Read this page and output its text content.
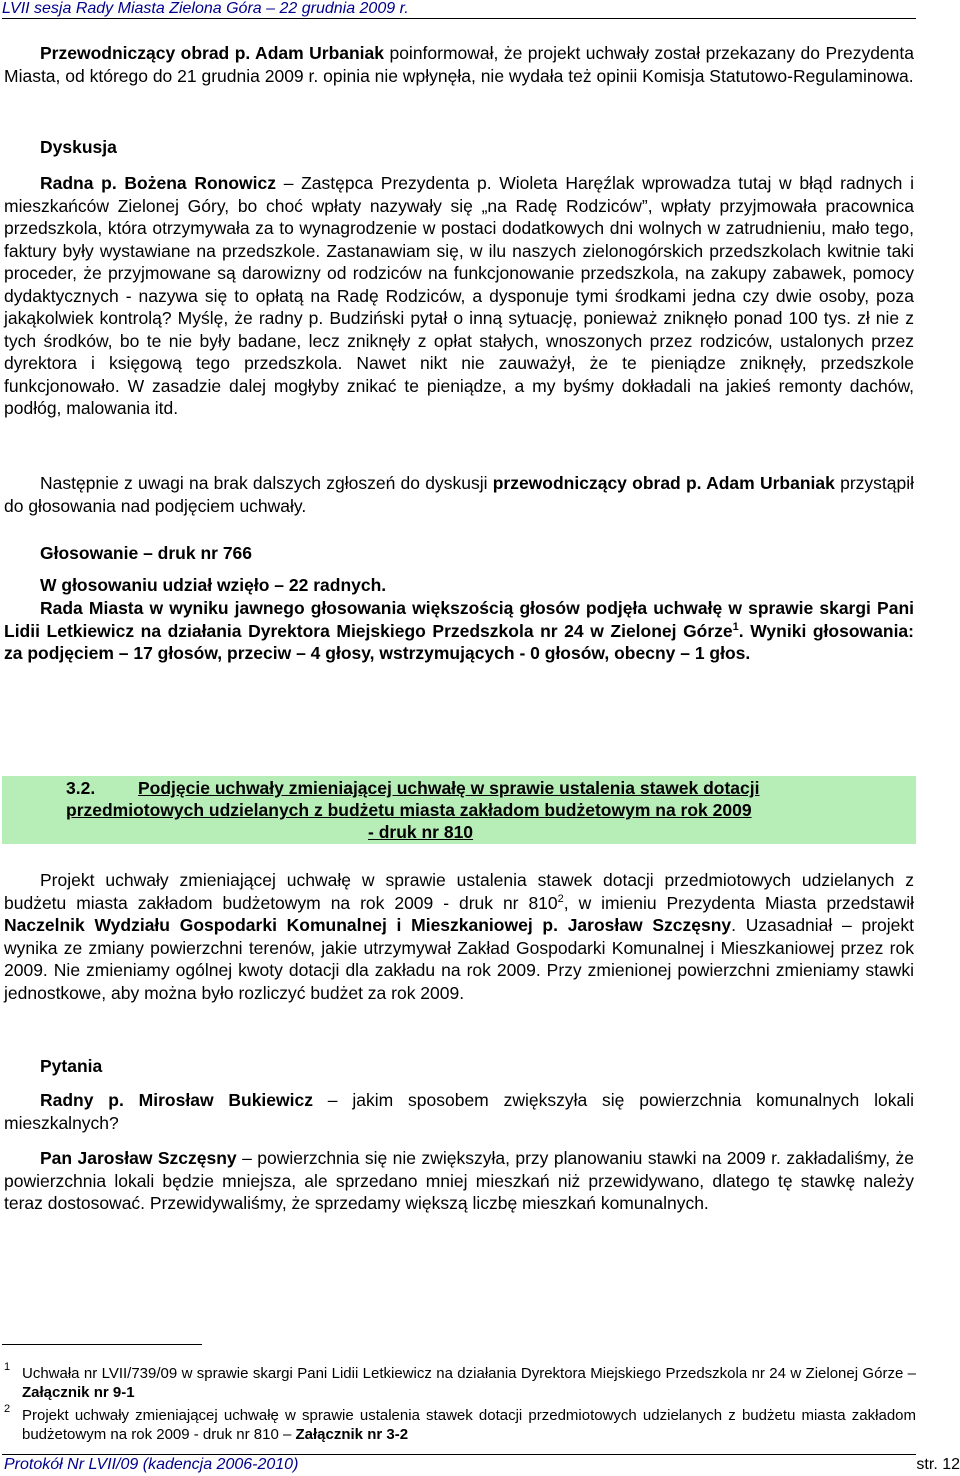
LVII sesja Rady Miasta Zielona Góra – 22 grudnia 2009 r.

Przewodniczący obrad p. Adam Urbaniak poinformował, że projekt uchwały został przekazany do Prezydenta Miasta, od którego do 21 grudnia 2009 r. opinia nie wpłynęła, nie wydała też opinii Komisja Statutowo-Regulaminowa.

Dyskusja

Radna p. Bożena Ronowicz – Zastępca Prezydenta p. Wioleta Haręźlak wprowadza tutaj w błąd radnych i mieszkańców Zielonej Góry, bo choć wpłaty nazywały się „na Radę Rodziców”, wpłaty przyjmowała pracownica przedszkola, która otrzymywała za to wynagrodzenie w postaci dodatkowych dni wolnych w zatrudnieniu, mało tego, faktury były wystawiane na przedszkole. Zastanawiam się, w ilu naszych zielonogórskich przedszkolach kwitnie taki proceder, że przyjmowane są darowizny od rodziców na funkcjonowanie przedszkola, na zakupy zabawek, pomocy dydaktycznych - nazywa się to opłatą na Radę Rodziców, a dysponuje tymi środkami jedna czy dwie osoby, poza jakąkolwiek kontrolą? Myślę, że radny p. Budziński pytał o inną sytuację, ponieważ zniknęło ponad 100 tys. zł nie z tych środków, bo te nie były badane, lecz zniknęły z opłat stałych, wnoszonych przez rodziców, ustalonych przez dyrektora i księgową tego przedszkola. Nawet nikt nie zauważył, że te pieniądze zniknęły, przedszkole funkcjonowało. W zasadzie dalej mogłyby znikać te pieniądze, a my byśmy dokładali na jakieś remonty dachów, podłóg, malowania itd.

Następnie z uwagi na brak dalszych zgłoszeń do dyskusji przewodniczący obrad p. Adam Urbaniak przystąpił do głosowania nad podjęciem uchwały.

Głosowanie – druk nr 766
W głosowaniu udział wzięło – 22 radnych.

Rada Miasta w wyniku jawnego głosowania większością głosów podjęła uchwałę w sprawie skargi Pani Lidii Letkiewicz na działania Dyrektora Miejskiego Przedszkola nr 24 w Zielonej Górze$^1$. Wyniki głosowania: za podjęciem – 17 głosów, przeciw – 4 głosy, wstrzymujących - 0 głosów, obecny – 1 głos.

3.2. Podjęcie uchwały zmieniającej uchwałę w sprawie ustalenia stawek dotacji
przedmiotowych udzielanych z budżetu miasta zakładom budżetowym na rok 2009
- druk nr 810

Projekt uchwały zmieniającej uchwałę w sprawie ustalenia stawek dotacji przedmiotowych udzielanych z budżetu miasta zakładom budżetowym na rok 2009 - druk nr 810$^2$, w imieniu Prezydenta Miasta przedstawił Naczelnik Wydziału Gospodarki Komunalnej i Mieszkaniowej p. Jarosław Szczęsny. Uzasadniał – projekt wynika ze zmiany powierzchni terenów, jakie utrzymywał Zakład Gospodarki Komunalnej i Mieszkaniowej przez rok 2009. Nie zmieniamy ogólnej kwoty dotacji dla zakładu na rok 2009. Przy zmienionej powierzchni zmieniamy stawki jednostkowe, aby można było rozliczyć budżet za rok 2009.

Pytania

Radny p. Mirosław Bukiewicz – jakim sposobem zwiększyła się powierzchnia komunalnych lokali mieszkalnych?

Pan Jarosław Szczęsny – powierzchnia się nie zwiększyła, przy planowaniu stawki na 2009 r. zakładaliśmy, że powierzchnia lokali będzie mniejsza, ale sprzedano mniej mieszkań niż przewidywano, dlatego tę stawkę należy teraz dostosować. Przewidywaliśmy, że sprzedamy większą liczbę mieszkań komunalnych.

1 Uchwała nr LVII/739/09 w sprawie skargi Pani Lidii Letkiewicz na działania Dyrektora Miejskiego Przedszkola nr 24 w Zielonej Górze – Załącznik nr 9-1
2 Projekt uchwały zmieniającej uchwałę w sprawie ustalenia stawek dotacji przedmiotowych udzielanych z budżetu miasta zakładom budżetowym na rok 2009 - druk nr 810 – Załącznik nr 3-2
Protokół Nr LVII/09 (kadencja 2006-2010)	str. 12
